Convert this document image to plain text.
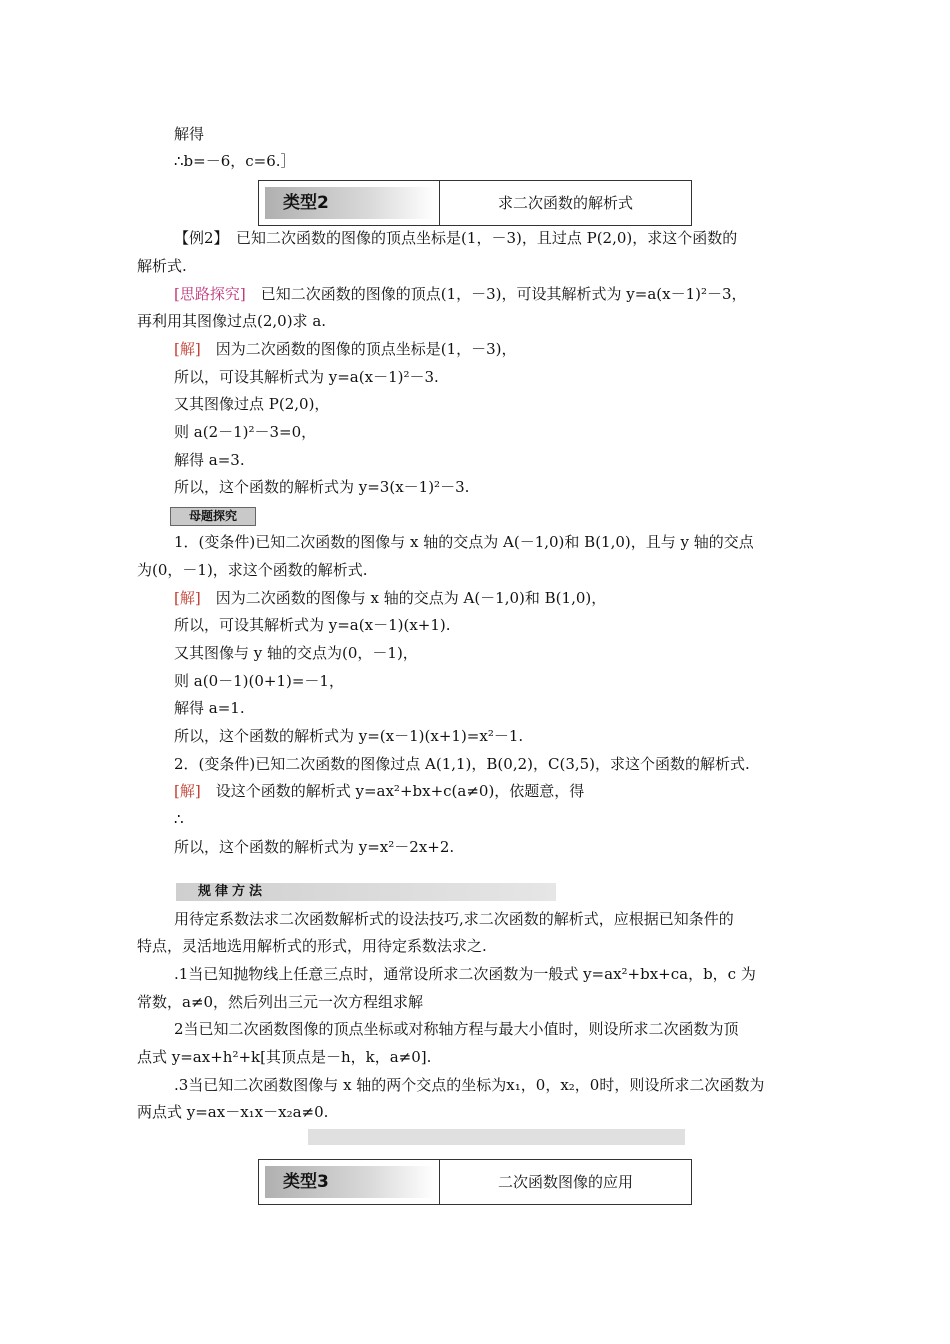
解得
∴b=－6，c=6.］
类型2	求二次函数的解析式
【例2】　已知二次函数的图像的顶点坐标是(1，－3)，且过点 P(2,0)，求这个函数的
解析式.
[思路探究]　已知二次函数的图像的顶点(1，－3)，可设其解析式为 y=a(x－1)²－3，
再利用其图像过点(2,0)求 a.
[解]　因为二次函数的图像的顶点坐标是(1，－3)，
所以，可设其解析式为 y=a(x－1)²－3.
又其图像过点 P(2,0)，
则 a(2－1)²－3=0，
解得 a=3.
所以，这个函数的解析式为 y=3(x－1)²－3.
母题探究
1．(变条件)已知二次函数的图像与 x 轴的交点为 A(－1,0)和 B(1,0)，且与 y 轴的交点
为(0，－1)，求这个函数的解析式.
[解]　因为二次函数的图像与 x 轴的交点为 A(－1,0)和 B(1,0)，
所以，可设其解析式为 y=a(x－1)(x+1).
又其图像与 y 轴的交点为(0，－1)，
则 a(0－1)(0+1)=－1，
解得 a=1.
所以，这个函数的解析式为 y=(x－1)(x+1)=x²－1.
2．(变条件)已知二次函数的图像过点 A(1,1)，B(0,2)，C(3,5)，求这个函数的解析式.
[解]　设这个函数的解析式 y=ax²+bx+c(a≠0)，依题意，得
∴
所以，这个函数的解析式为 y=x²－2x+2.
规律方法
用待定系数法求二次函数解析式的设法技巧,求二次函数的解析式，应根据已知条件的
特点，灵活地选用解析式的形式，用待定系数法求之.
.1当已知抛物线上任意三点时，通常设所求二次函数为一般式 y=ax²+bx+ca，b，c 为
常数，a≠0，然后列出三元一次方程组求解
2当已知二次函数图像的顶点坐标或对称轴方程与最大小值时，则设所求二次函数为顶
点式 y=ax+h²+k[其顶点是－h，k，a≠0].
.3当已知二次函数图像与 x 轴的两个交点的坐标为x₁，0，x₂，0时，则设所求二次函数为
两点式 y=ax－x₁x－x₂a≠0.
类型3	二次函数图像的应用
